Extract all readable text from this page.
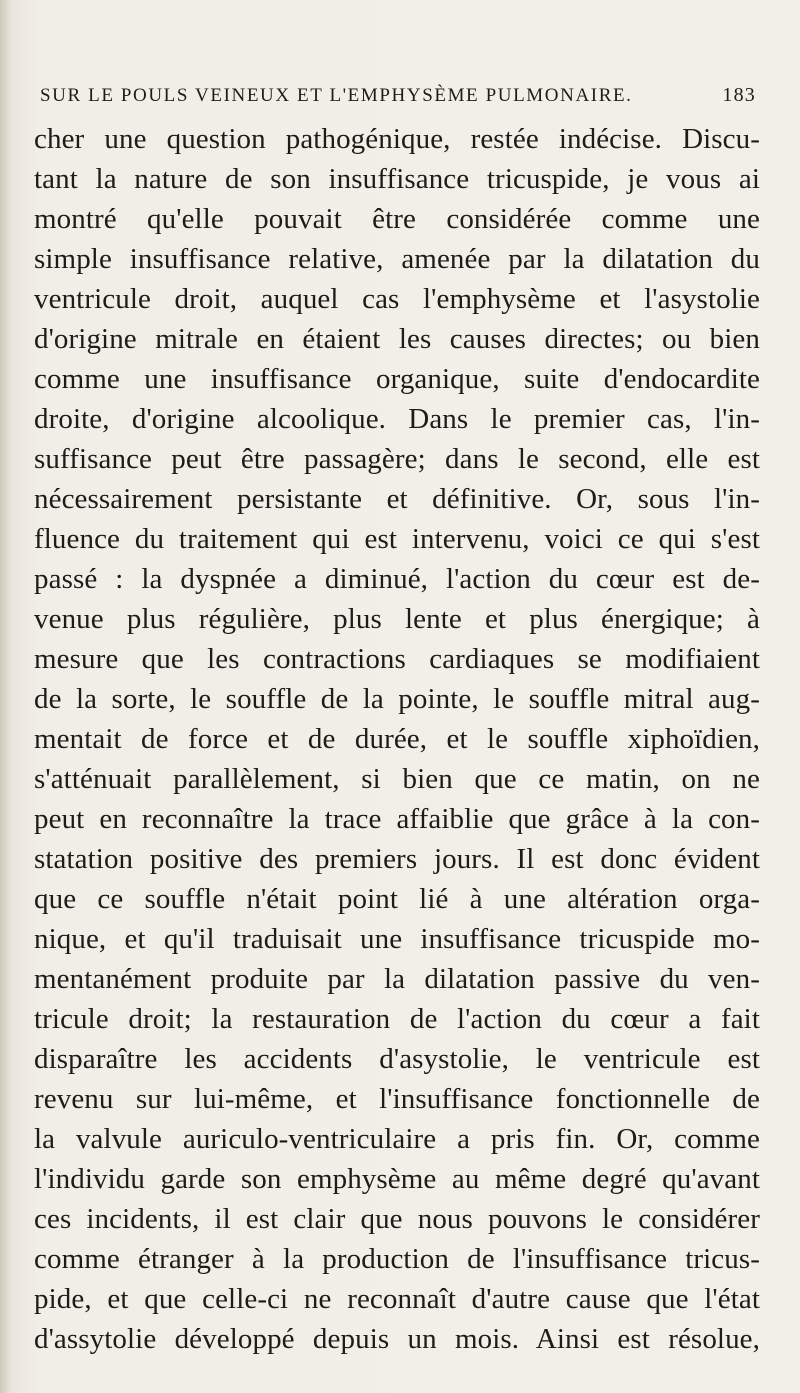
SUR LE POULS VEINEUX ET L'EMPHYSÈME PULMONAIRE.	183
cher une question pathogénique, restée indécise. Discu-
tant la nature de son insuffisance tricuspide, je vous ai
montré qu'elle pouvait être considérée comme une
simple insuffisance relative, amenée par la dilatation du
ventricule droit, auquel cas l'emphysème et l'asystolie
d'origine mitrale en étaient les causes directes; ou bien
comme une insuffisance organique, suite d'endocardite
droite, d'origine alcoolique. Dans le premier cas, l'in-
suffisance peut être passagère; dans le second, elle est
nécessairement persistante et définitive. Or, sous l'in-
fluence du traitement qui est intervenu, voici ce qui s'est
passé : la dyspnée a diminué, l'action du cœur est de-
venue plus régulière, plus lente et plus énergique; à
mesure que les contractions cardiaques se modifiaient
de la sorte, le souffle de la pointe, le souffle mitral aug-
mentait de force et de durée, et le souffle xiphoïdien,
s'atténuait parallèlement, si bien que ce matin, on ne
peut en reconnaître la trace affaiblie que grâce à la con-
statation positive des premiers jours. Il est donc évident
que ce souffle n'était point lié à une altération orga-
nique, et qu'il traduisait une insuffisance tricuspide mo-
mentanément produite par la dilatation passive du ven-
tricule droit; la restauration de l'action du cœur a fait
disparaître les accidents d'asystolie, le ventricule est
revenu sur lui-même, et l'insuffisance fonctionnelle de
la valvule auriculo-ventriculaire a pris fin. Or, comme
l'individu garde son emphysème au même degré qu'avant
ces incidents, il est clair que nous pouvons le considérer
comme étranger à la production de l'insuffisance tricus-
pide, et que celle-ci ne reconnaît d'autre cause que l'état
d'assytolie développé depuis un mois. Ainsi est résolue,
